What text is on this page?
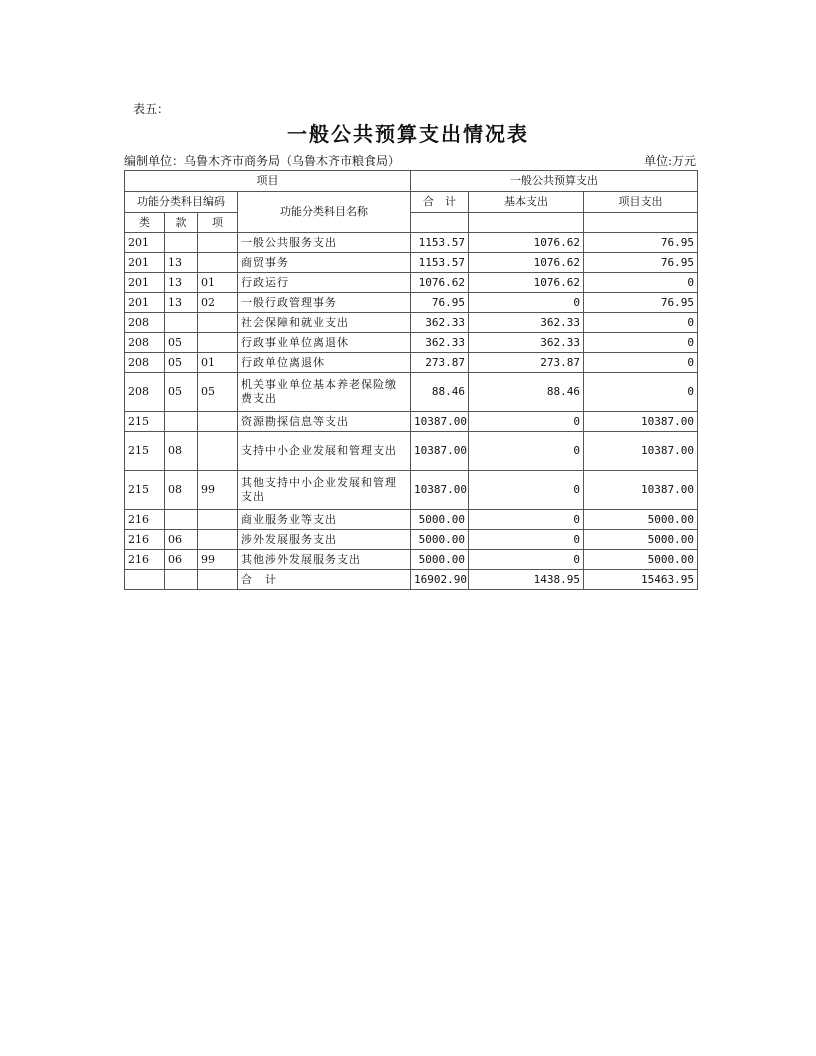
表五：
一般公共预算支出情况表
编制单位：乌鲁木齐市商务局（乌鲁木齐市粮食局）	单位:万元
项目				一般公共预算支出		
功能分类科目编码			功能分类科目名称	合　计	基本支出	项目支出
类	款	项				
201			一般公共服务支出	1153.57	1076.62	76.95
201	13		商贸事务	1153.57	1076.62	76.95
201	13	01	行政运行	1076.62	1076.62	0
201	13	02	一般行政管理事务	76.95	0	76.95
208			社会保障和就业支出	362.33	362.33	0
208	05		行政事业单位离退休	362.33	362.33	0
208	05	01	行政单位离退休	273.87	273.87	0
208	05	05	机关事业单位基本养老保险缴费支出	88.46	88.46	0
215			资源勘探信息等支出	10387.00	0	10387.00
215	08		支持中小企业发展和管理支出	10387.00	0	10387.00
215	08	99	其他支持中小企业发展和管理支出	10387.00	0	10387.00
216			商业服务业等支出	5000.00	0	5000.00
216	06		涉外发展服务支出	5000.00	0	5000.00
216	06	99	其他涉外发展服务支出	5000.00	0	5000.00
			合　计	16902.90	1438.95	15463.95
